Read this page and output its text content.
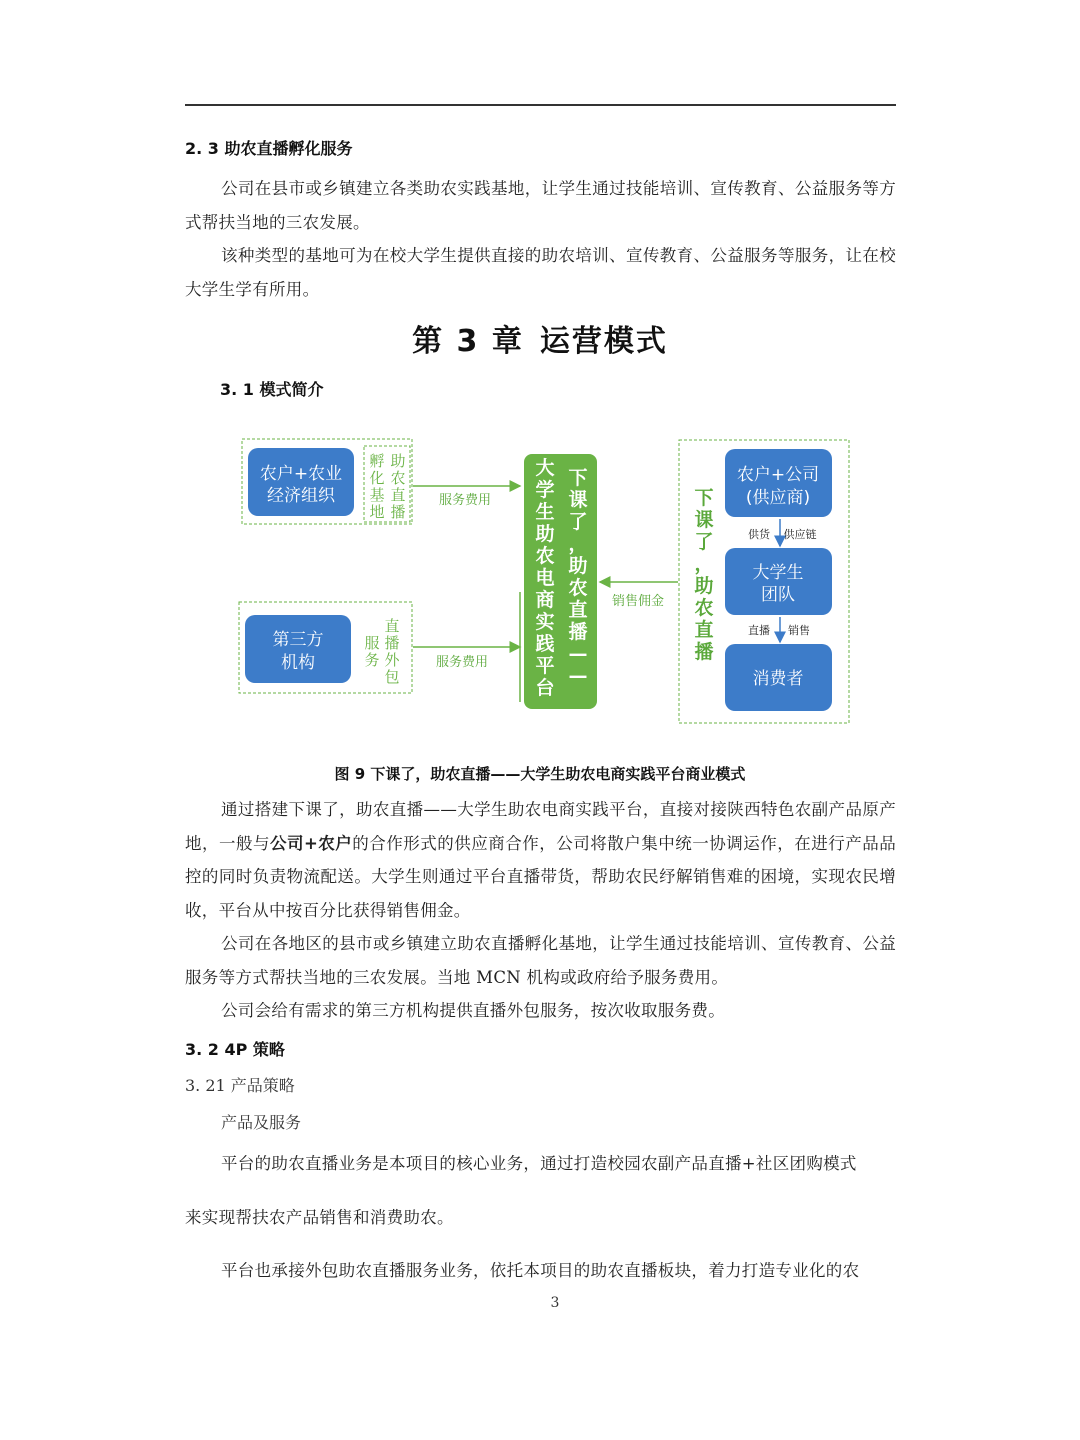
2. 3 助农直播孵化服务
公司在县市或乡镇建立各类助农实践基地，让学生通过技能培训、宣传教育、公益服务等方式帮扶当地的三农发展。
该种类型的基地可为在校大学生提供直接的助农培训、宣传教育、公益服务等服务，让在校大学生学有所用。
第 3 章 运营模式
3. 1 模式简介
农户+农业
经济组织
助
农
直
播
孵
化
基
地
服务费用
第三方
机构
直
播
外
包
服
务	服务费用
大
学
生
助
农
电
商
实
践
平
台
下
课
了
，
助
农
直
播
—
—
销售佣金
下
课
了
，
助
农
直
播
农户+公司
(供应商)
供货 供应链
大学生
团队
直播 销售
消费者
图 9 下课了，助农直播——大学生助农电商实践平台商业模式
通过搭建下课了，助农直播——大学生助农电商实践平台，直接对接陕西特色农副产品原产地，一般与公司+农户的合作形式的供应商合作，公司将散户集中统一协调运作，在进行产品品控的同时负责物流配送。大学生则通过平台直播带货，帮助农民纾解销售难的困境，实现农民增收，平台从中按百分比获得销售佣金。
公司在各地区的县市或乡镇建立助农直播孵化基地，让学生通过技能培训、宣传教育、公益服务等方式帮扶当地的三农发展。当地 MCN 机构或政府给予服务费用。
公司会给有需求的第三方机构提供直播外包服务，按次收取服务费。
3. 2 4P 策略
3. 21 产品策略
产品及服务
平台的助农直播业务是本项目的核心业务，通过打造校园农副产品直播+社区团购模式
来实现帮扶农产品销售和消费助农。
平台也承接外包助农直播服务业务，依托本项目的助农直播板块，着力打造专业化的农
3
